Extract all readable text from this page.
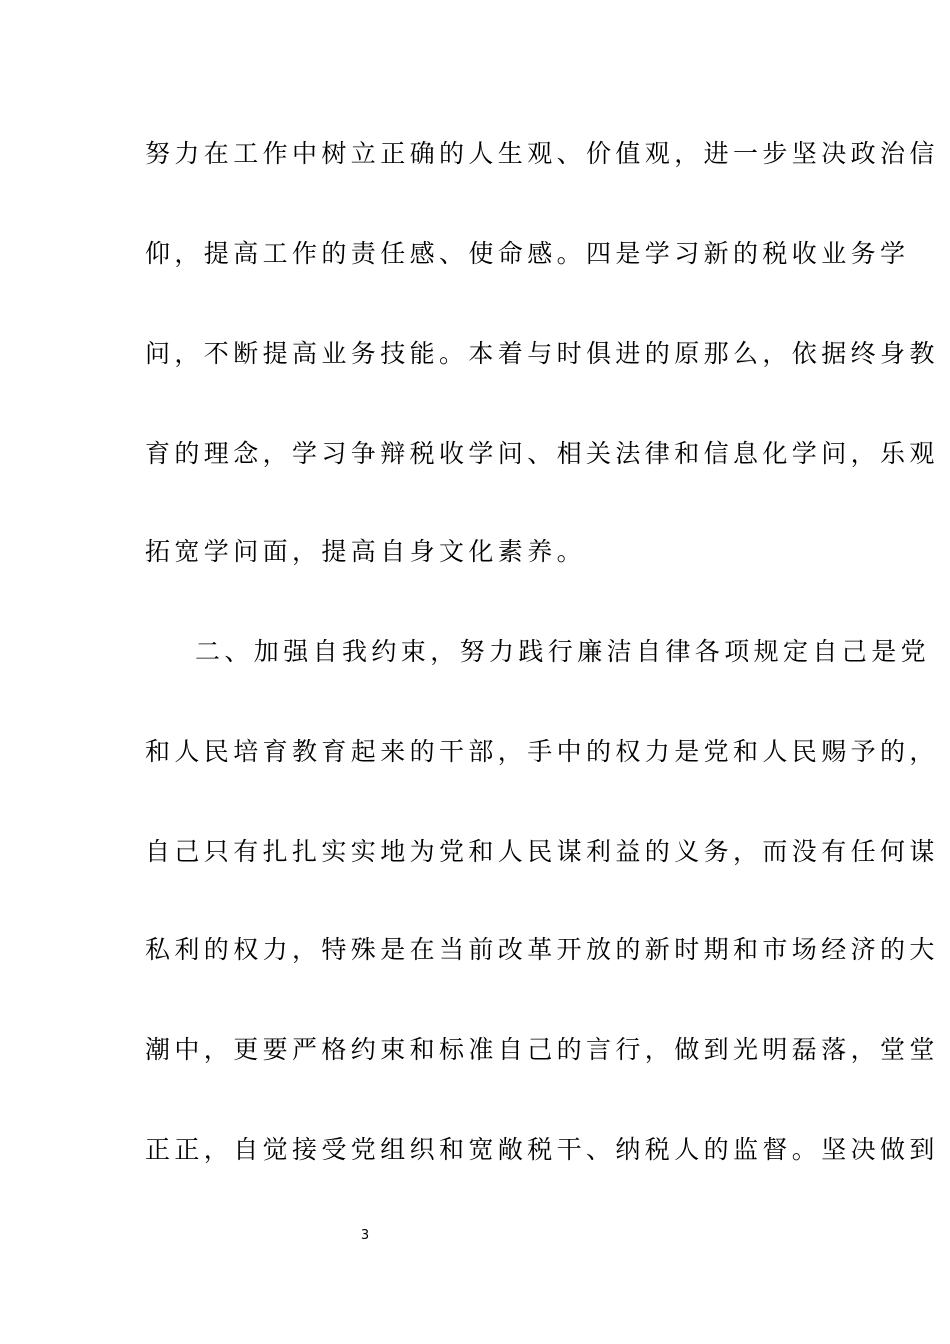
努力在工作中树立正确的人生观、价值观，进一步坚决政治信
仰，提高工作的责任感、使命感。四是学习新的税收业务学
问，不断提高业务技能。本着与时俱进的原那么，依据终身教
育的理念，学习争辩税收学问、相关法律和信息化学问，乐观
拓宽学问面，提高自身文化素养。
二、加强自我约束，努力践行廉洁自律各项规定自己是党
和人民培育教育起来的干部，手中的权力是党和人民赐予的，
自己只有扎扎实实地为党和人民谋利益的义务，而没有任何谋
私利的权力，特殊是在当前改革开放的新时期和市场经济的大
潮中，更要严格约束和标准自己的言行，做到光明磊落，堂堂
正正，自觉接受党组织和宽敞税干、纳税人的监督。坚决做到
3
